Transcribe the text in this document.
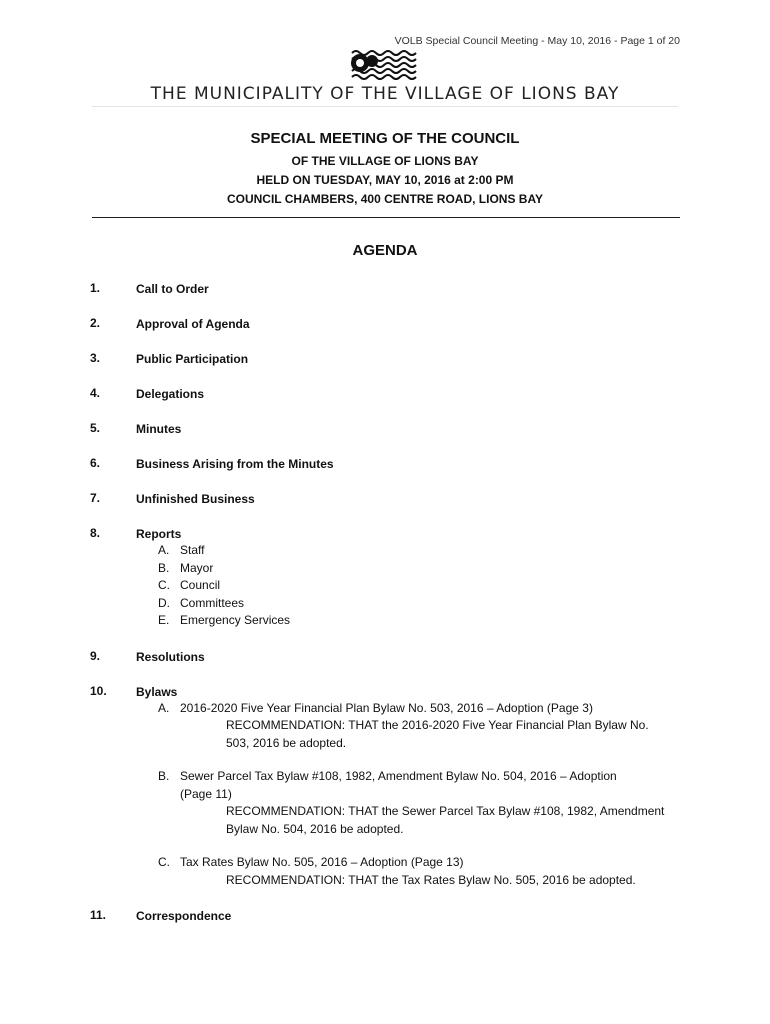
VOLB Special Council Meeting - May 10, 2016 - Page 1 of 20
THE MUNICIPALITY OF THE VILLAGE OF LIONS BAY
SPECIAL MEETING OF THE COUNCIL
OF THE VILLAGE OF LIONS BAY
HELD ON TUESDAY, MAY 10, 2016 at 2:00 PM
COUNCIL CHAMBERS, 400 CENTRE ROAD, LIONS BAY
AGENDA
1.	Call to Order
2.	Approval of Agenda
3.	Public Participation
4.	Delegations
5.	Minutes
6.	Business Arising from the Minutes
7.	Unfinished Business
8.	Reports
A. Staff
B. Mayor
C. Council
D. Committees
E. Emergency Services
9.	Resolutions
10.	Bylaws
A. 2016-2020 Five Year Financial Plan Bylaw No. 503, 2016 – Adoption (Page 3)
RECOMMENDATION: THAT the 2016-2020 Five Year Financial Plan Bylaw No.
503, 2016 be adopted.
B. Sewer Parcel Tax Bylaw #108, 1982, Amendment Bylaw No. 504, 2016 – Adoption
(Page 11)
RECOMMENDATION: THAT the Sewer Parcel Tax Bylaw #108, 1982, Amendment
Bylaw No. 504, 2016 be adopted.
C. Tax Rates Bylaw No. 505, 2016 – Adoption (Page 13)
RECOMMENDATION: THAT the Tax Rates Bylaw No. 505, 2016 be adopted.
11.	Correspondence
